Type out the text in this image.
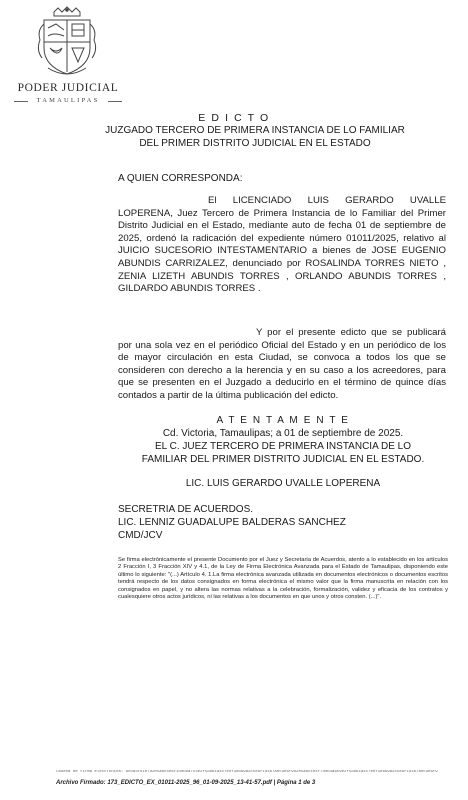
PODER JUDICIAL
TAMAULIPAS
E D I C T O
JUZGADO TERCERO DE PRIMERA INSTANCIA DE LO FAMILIAR
DEL PRIMER DISTRITO JUDICIAL EN EL ESTADO
A QUIEN CORRESPONDA:
El LICENCIADO LUIS GERARDO UVALLE LOPERENA, Juez Tercero de Primera Instancia de lo Familiar del Primer Distrito Judicial en el Estado, mediante auto de fecha 01 de septiembre de 2025, ordenó la radicación del expediente número 01011/2025, relativo al JUICIO SUCESORIO INTESTAMENTARIO a bienes de JOSE EUGENIO ABUNDIS CARRIZALEZ, denunciado por ROSALINDA TORRES NIETO , ZENIA LIZETH ABUNDIS TORRES , ORLANDO ABUNDIS TORRES , GILDARDO ABUNDIS TORRES .
Y por el presente edicto que se publicará por una sola vez en el periódico Oficial del Estado y en un periódico de los de mayor circulación en esta Ciudad, se convoca a todos los que se consideren con derecho a la herencia y en su caso a los acreedores, para que se presenten en el Juzgado a deducirlo en el término de quince días contados a partir de la última publicación del edicto.
A T E N T A M E N T E
Cd. Victoria, Tamaulipas; a 01 de septiembre de 2025.
EL C. JUEZ TERCERO DE PRIMERA INSTANCIA DE LO
FAMILIAR DEL PRIMER DISTRITO JUDICIAL EN EL ESTADO.
LIC. LUIS GERARDO UVALLE LOPERENA
SECRETRIA DE ACUERDOS.
LIC. LENNIZ GUADALUPE BALDERAS SANCHEZ
CMD/JCV
Se firma electrónicamente el presente Documento por el Juez y Secretaria de Acuerdos, atento a lo establecido en los artículos 2 Fracción I, 3 Fracción XIV y 4.1, de la Ley de Firma Electrónica Avanzada para el Estado de Tamaulipas, disponiendo este último lo siguiente: "(...) Artículo 4. 1.La firma electrónica avanzada utilizada en documentos electrónicos o documentos escritos tendrá respecto de los datos consignados en forma electrónica el mismo valor que la firma manuscrita en relación con los consignados en papel, y no altera las normas relativas a la celebración, formalización, validez y eficacia de los contratos y cualesquiere otros actos jurídicos, ni las relativas a los documentos en que unos y otros consten. (...)".
Cadena de firma electrónica: 8c0a3f91e7d2b5a6c4e8f1d0b9a7c3e2f5d8b1a4c7e0f3d6b9a2c5e8f1d4b7a0c3e6f9d2b5a8c1e4f7d0b3a6c9e2f5d8b1a4c7e0f3d6b9a2c5e8f1d4b7a0c3e6f9
Archivo Firmado: 173_EDICTO_EX_01011-2025_96_01-09-2025_13-41-57.pdf | Página 1 de 3
